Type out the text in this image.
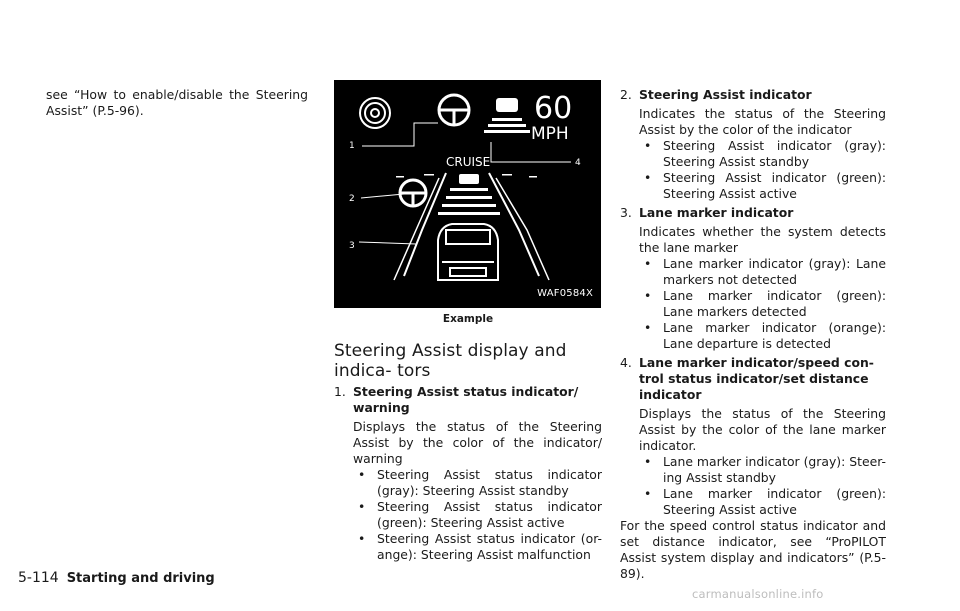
see “How to enable/disable the Steering Assist” (P.5-96).	60
MPH
CRUISE
1
2
3
4
WAF0584X
Example
Steering Assist display and indica- tors
1. Steering Assist status indicator/ warning
Displays the status of the Steering Assist by the color of the indicator/ warning
• Steering Assist status indicator (gray): Steering Assist standby
• Steering Assist status indicator (green): Steering Assist active
• Steering Assist status indicator (or- ange): Steering Assist malfunction
2. Steering Assist indicator
Indicates the status of the Steering Assist by the color of the indicator
• Steering Assist indicator (gray): Steering Assist standby
• Steering Assist indicator (green): Steering Assist active
3. Lane marker indicator
Indicates whether the system detects the lane marker
• Lane marker indicator (gray): Lane markers not detected
• Lane marker indicator (green): Lane markers detected
• Lane marker indicator (orange): Lane departure is detected
4. Lane marker indicator/speed con- trol status indicator/set distance indicator
Displays the status of the Steering Assist by the color of the lane marker indicator.
• Lane marker indicator (gray): Steer- ing Assist standby
• Lane marker indicator (green): Steering Assist active

For the speed control status indicator and set distance indicator, see “ProPILOT Assist system display and indicators” (P.5- 89).

5-114 Starting and driving
carmanualsonline.info
